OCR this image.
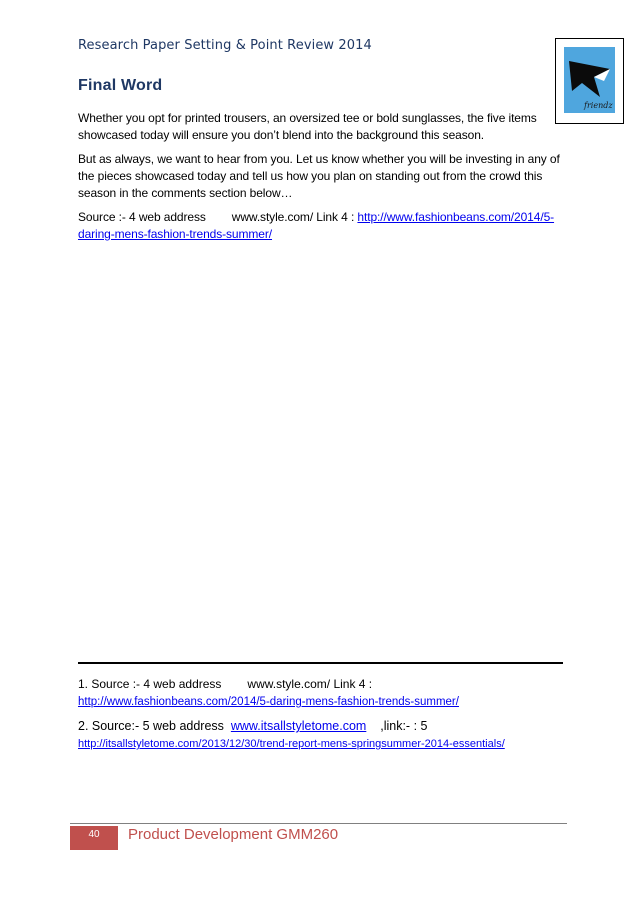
Research Paper Setting & Point Review 2014
friendz
Final Word
Whether you opt for printed trousers, an oversized tee or bold sunglasses, the five items showcased today will ensure you don’t blend into the background this season.
But as always, we want to hear from you. Let us know whether you will be investing in any of the pieces showcased today and tell us how you plan on standing out from the crowd this season in the comments section below…
Source :- 4 web address www.style.com/ Link 4 : http://www.fashionbeans.com/2014/5-daring-mens-fashion-trends-summer/
1. Source :- 4 web address www.style.com/ Link 4 :
http://www.fashionbeans.com/2014/5-daring-mens-fashion-trends-summer/
2. Source:- 5 web address www.itsallstyletome.com ,link:- : 5
http://itsallstyletome.com/2013/12/30/trend-report-mens-springsummer-2014-essentials/
40	Product Development GMM260
